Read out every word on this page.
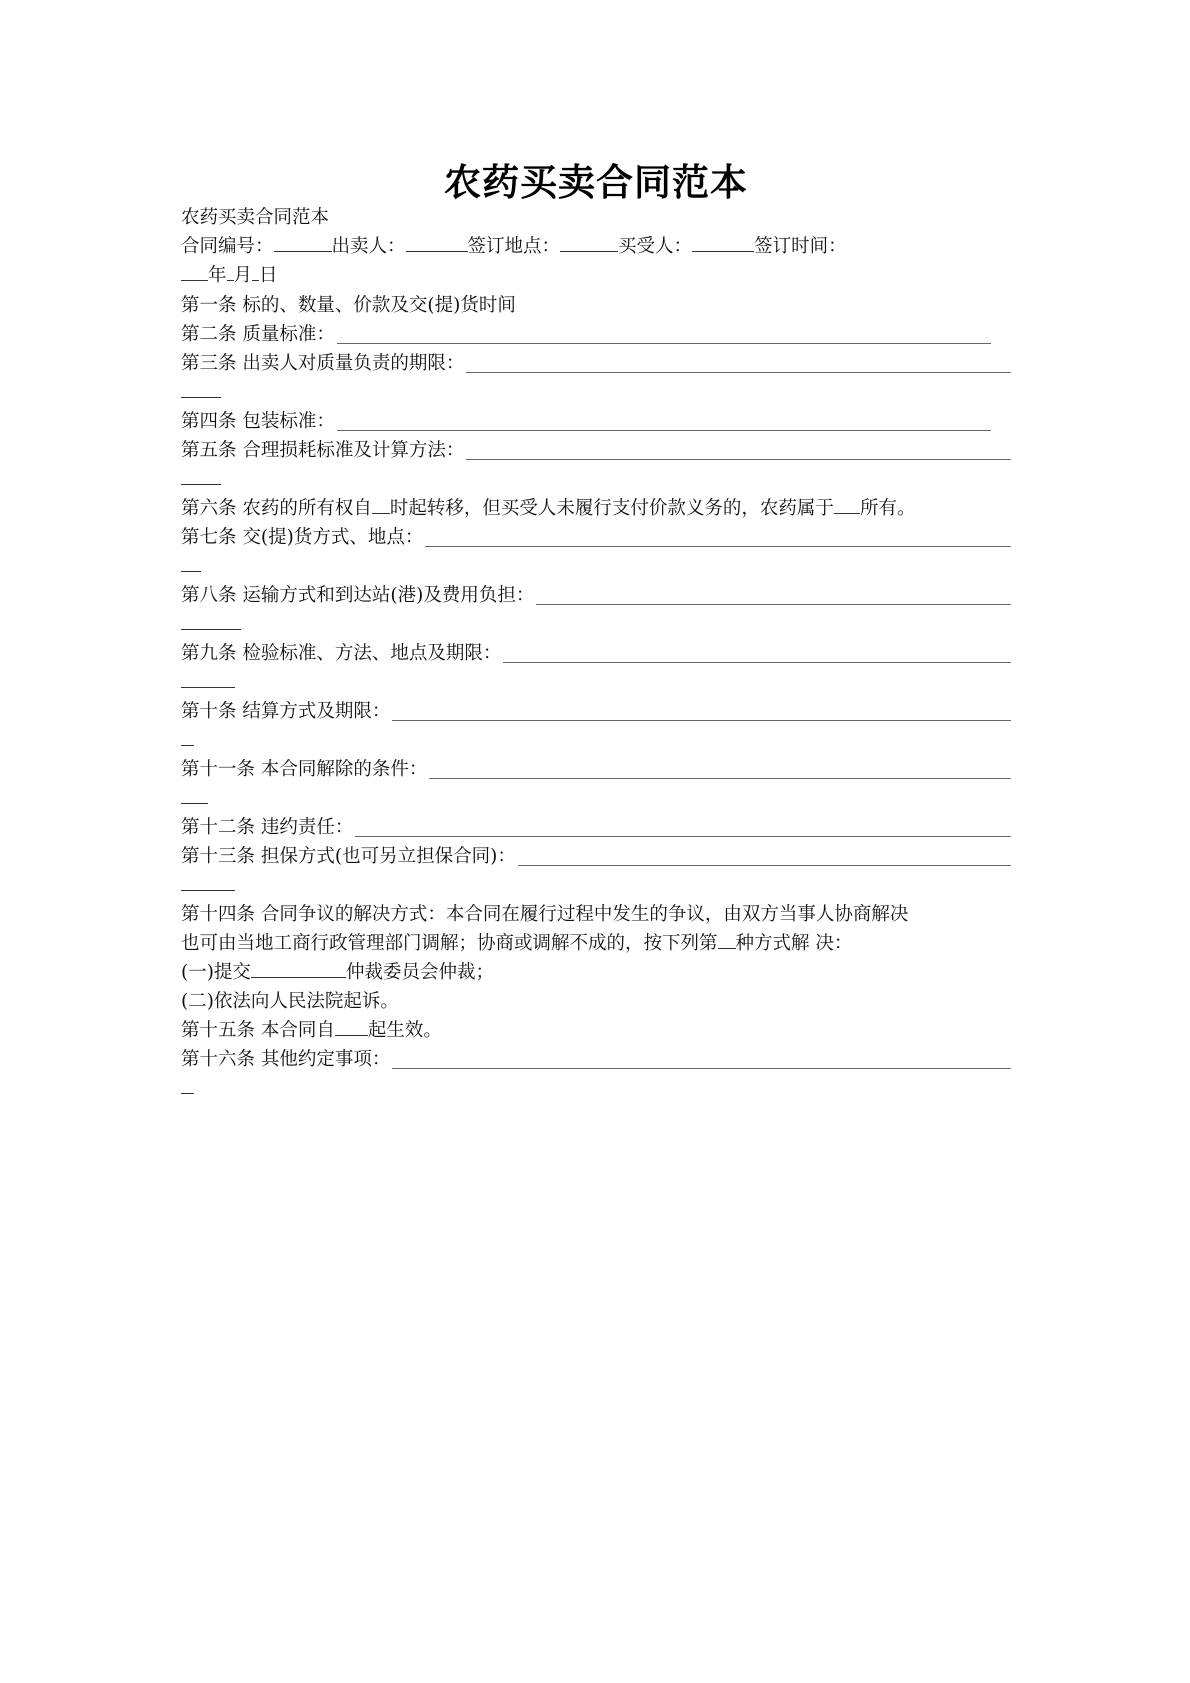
农药买卖合同范本
农药买卖合同范本
合同编号：	出卖人：	签订地点：	买受人：	签订时间：
年 月 日
第一条 标的、数量、价款及交(提)货时间
第二条
质量标准：
第三条
出卖人对质量负责的期限：
第四条
包装标准：
第五条
合理损耗标准及计算方法：
第六条 农药的所有权自 时起转移，但买受人未履行支付价款义务的，农药属于 所有。
第七条
交(提)货方式、地点：
第八条
运输方式和到达站(港)及费用负担：
第九条
检验标准、方法、地点及期限：
第十条
结算方式及期限：
第十一条
本合同解除的条件：
第十二条
违约责任：
第十三条
担保方式(也可另立担保合同)：
第十四条 合同争议的解决方式：本合同在履行过程中发生的争议，由双方当事人协商解决
也可由当地工商行政管理部门调解；协商或调解不成的，按下列第 种方式解 决：
(一)提交	仲裁委员会仲裁；
(二)依法向人民法院起诉。
第十五条 本合同自 起生效。
第十六条
其他约定事项：
